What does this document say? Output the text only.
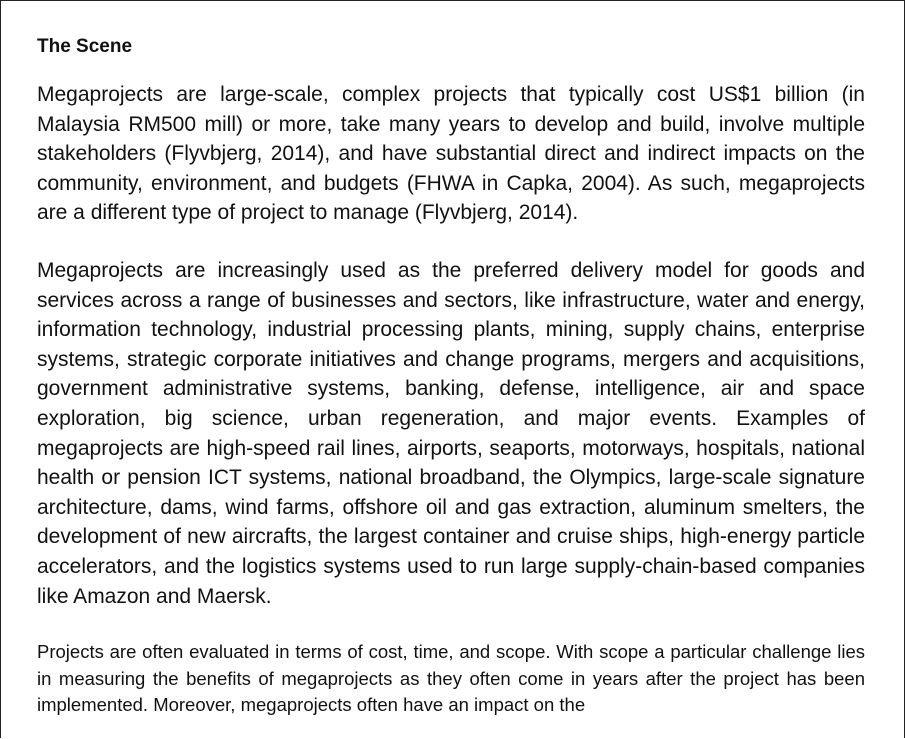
The Scene

Megaprojects are large-scale, complex projects that typically cost US$1 billion (in Malaysia RM500 mill) or more, take many years to develop and build, involve multiple stakeholders (Flyvbjerg, 2014), and have substantial direct and indirect impacts on the community, environment, and budgets (FHWA in Capka, 2004). As such, megaprojects are a different type of project to manage (Flyvbjerg, 2014).

Megaprojects are increasingly used as the preferred delivery model for goods and services across a range of businesses and sectors, like infrastructure, water and energy, information technology, industrial processing plants, mining, supply chains, enterprise systems, strategic corporate initiatives and change programs, mergers and acquisitions, government administrative systems, banking, defense, intelligence, air and space exploration, big science, urban regeneration, and major events. Examples of megaprojects are high-speed rail lines, airports, seaports, motorways, hospitals, national health or pension ICT systems, national broadband, the Olympics, large-scale signature architecture, dams, wind farms, offshore oil and gas extraction, aluminum smelters, the development of new aircrafts, the largest container and cruise ships, high-energy particle accelerators, and the logistics systems used to run large supply-chain-based companies like Amazon and Maersk.

Projects are often evaluated in terms of cost, time, and scope. With scope a particular challenge lies in measuring the benefits of megaprojects as they often come in years after the project has been implemented. Moreover, megaprojects often have an impact on the
